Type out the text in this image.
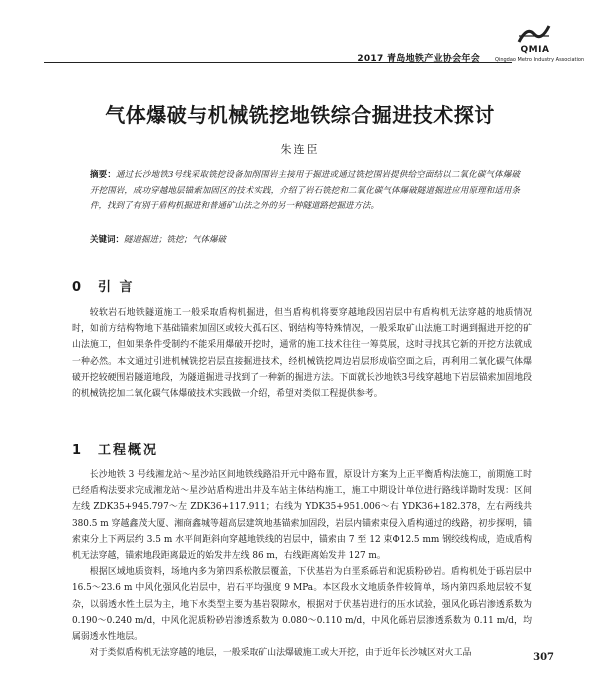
2017 青岛地铁产业协会年会
QMIA
Qingdao Metro Industry Association
气体爆破与机械铣挖地铁综合掘进技术探讨
朱连臣
摘要：通过长沙地铁3号线采取铣挖设备加削围岩主接用于掘进或通过铣挖围岩提供给空面结以二氧化碳气体爆破开挖围岩，成功穿越地层锚索加固区的技术实践，介绍了岩石铣挖和二氧化碳气体爆破隧道掘进应用原理和适用条件，找到了有别于盾构机掘进和普通矿山法之外的另一种隧道路挖掘进方法。
关键词：隧道掘进；铣挖；气体爆破
0 引 言

较软岩石地铁隧道施工一般采取盾构机掘进，但当盾构机将要穿越地段因岩层中有盾构机无法穿越的地质情况时，如前方结构物地下基础锚索加固区或较大孤石区、钢结构等特殊情况，一般采取矿山法施工时遇到掘进开挖的矿山法施工，但如果条件受制约不能采用爆破开挖时，通常的施工技术往往一筹莫展，这时寻找其它新的开挖方法就成一种必然。本文通过引进机械铣挖岩层直接掘进技术，经机械铣挖周边岩层形成临空面之后，再利用二氧化碳气体爆破开挖较硬围岩隧道地段，为隧道掘进寻找到了一种新的掘进方法。下面就长沙地铁3号线穿越地下岩层锚索加固地段的机械铣挖加二氧化碳气体爆破技术实践做一介绍，希望对类似工程提供参考。

1 工程概况

长沙地铁 3 号线湘龙站～星沙站区间地铁线路沿开元中路布置，原设计方案为上正平衡盾构法施工，前期施工时已经盾构法要求完成湘龙站～星沙站盾构进出井及车站主体结构施工，施工中期设计单位进行路线详勘时发现：区间左线 ZDK35+945.797～左 ZDK36+117.911；右线为 YDK35+951.006～右 YDK36+182.378，左右两线共 380.5 m 穿越鑫茂大厦、湘商鑫城等超高层建筑地基锚索加固段，岩层内锚索束侵入盾构通过的线路，初步探明，锚索束分上下两层约 3.5 m 水平间距斜向穿越地铁线的岩层中，锚索由 7 至 12 束Φ12.5 mm 钢绞线构成，造成盾构机无法穿越，锚索地段距离最近的始发井左线 86 m，右线距离始发井 127 m。

根据区域地质资料，场地内多为第四系松散层覆盖，下伏基岩为白垩系砾岩和泥质粉砂岩。盾构机处于砾岩层中 16.5～23.6 m 中风化强风化岩层中，岩石平均强度 9 MPa。本区段水文地质条件较简单，场内第四系地层较不复杂，以弱透水性土层为主，地下水类型主要为基岩裂隙水，根据对于伏基岩进行的压水试验，强风化砾岩渗透系数为 0.190～0.240 m/d，中风化泥质粉砂岩渗透系数为 0.080～0.110 m/d，中风化砾岩层渗透系数为 0.11 m/d，均属弱透水性地层。

对于类似盾构机无法穿越的地层，一般采取矿山法爆破施工或大开挖，由于近年长沙城区对火工品	307
